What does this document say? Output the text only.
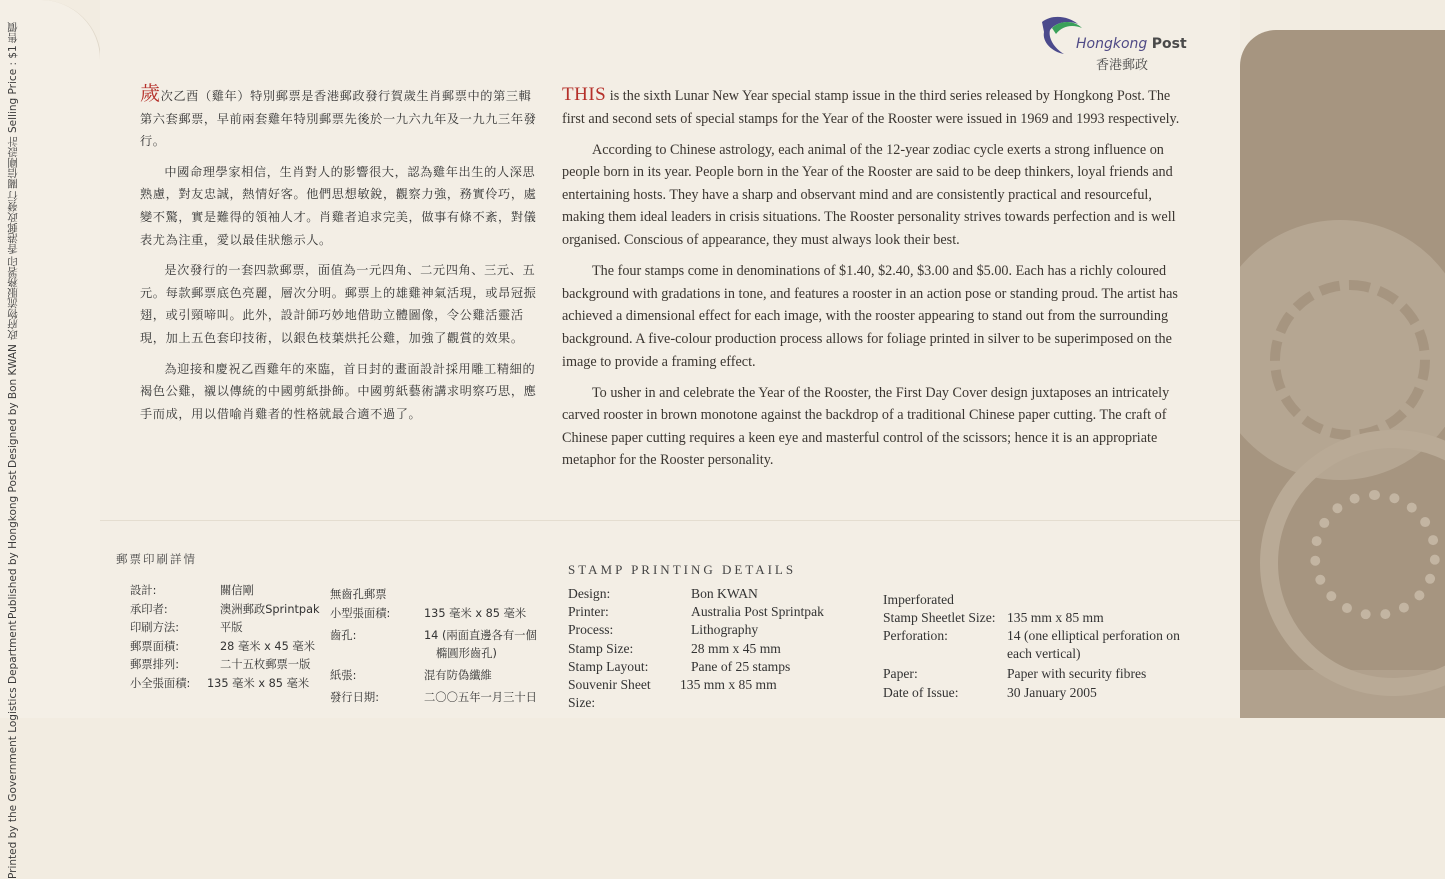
售價
Selling Price : $1
關信剛設計
香港郵政發行
政府物流服務署印
Designed by Bon KWAN
Published by Hongkong Post
Printed by the Government Logistics Department
Hongkong Post
香港郵政

歲次乙酉（雞年）特別郵票是香港郵政發行賀歲生肖郵票中的第三輯第六套郵票，早前兩套雞年特別郵票先後於一九六九年及一九九三年發行。

中國命理學家相信，生肖對人的影響很大，認為雞年出生的人深思熟慮，對友忠誠，熱情好客。他們思想敏銳，觀察力強，務實伶巧，處變不驚，實是難得的領袖人才。肖雞者追求完美，做事有條不紊，對儀表尤為注重，愛以最佳狀態示人。

是次發行的一套四款郵票，面值為一元四角、二元四角、三元、五元。每款郵票底色亮麗，層次分明。郵票上的雄雞神氣活現，或昂冠振翅，或引頸啼叫。此外，設計師巧妙地借助立體圖像，令公雞活靈活現，加上五色套印技術，以銀色枝葉烘托公雞，加強了觀賞的效果。

為迎接和慶祝乙酉雞年的來臨，首日封的畫面設計採用雕工精細的褐色公雞，襯以傳統的中國剪紙掛飾。中國剪紙藝術講求明察巧思，應手而成，用以借喻肖雞者的性格就最合適不過了。

THIS is the sixth Lunar New Year special stamp issue in the third series released by Hongkong Post. The first and second sets of special stamps for the Year of the Rooster were issued in 1969 and 1993 respectively.

According to Chinese astrology, each animal of the 12-year zodiac cycle exerts a strong influence on people born in its year. People born in the Year of the Rooster are said to be deep thinkers, loyal friends and entertaining hosts. They have a sharp and observant mind and are consistently practical and resourceful, making them ideal leaders in crisis situations. The Rooster personality strives towards perfection and is well organised. Conscious of appearance, they must always look their best.

The four stamps come in denominations of $1.40, $2.40, $3.00 and $5.00. Each has a richly coloured background with gradations in tone, and features a rooster in an action pose or standing proud. The artist has achieved a dimensional effect for each image, with the rooster appearing to stand out from the surrounding background. A five-colour production process allows for foliage printed in silver to be superimposed on the image to provide a framing effect.

To usher in and celebrate the Year of the Rooster, the First Day Cover design juxtaposes an intricately carved rooster in brown monotone against the backdrop of a traditional Chinese paper cutting. The craft of Chinese paper cutting requires a keen eye and masterful control of the scissors; hence it is an appropriate metaphor for the Rooster personality.

郵票印刷詳情
設計:	關信剛
承印者:	澳洲郵政Sprintpak
印刷方法:	平版
郵票面積:	28 毫米 x 45 毫米
郵票排列:	二十五枚郵票一版
小全張面積:	135 毫米 x 85 毫米
無齒孔郵票
小型張面積:	135 毫米 x 85 毫米
齒孔:	14 (兩面直邊各有一個
橢圓形齒孔)
紙張:	混有防偽纖維
發行日期:	二〇〇五年一月三十日
STAMP PRINTING DETAILS
Design:	Bon KWAN
Printer:	Australia Post Sprintpak
Process:	Lithography
Stamp Size:	28 mm x 45 mm
Stamp Layout:	Pane of 25 stamps
Souvenir Sheet Size:
135 mm x 85 mm
Imperforated
Stamp Sheetlet Size: 135 mm x 85 mm
Perforation:	14 (one elliptical perforation on each vertical)
Paper:	Paper with security fibres
Date of Issue:	30 January 2005
